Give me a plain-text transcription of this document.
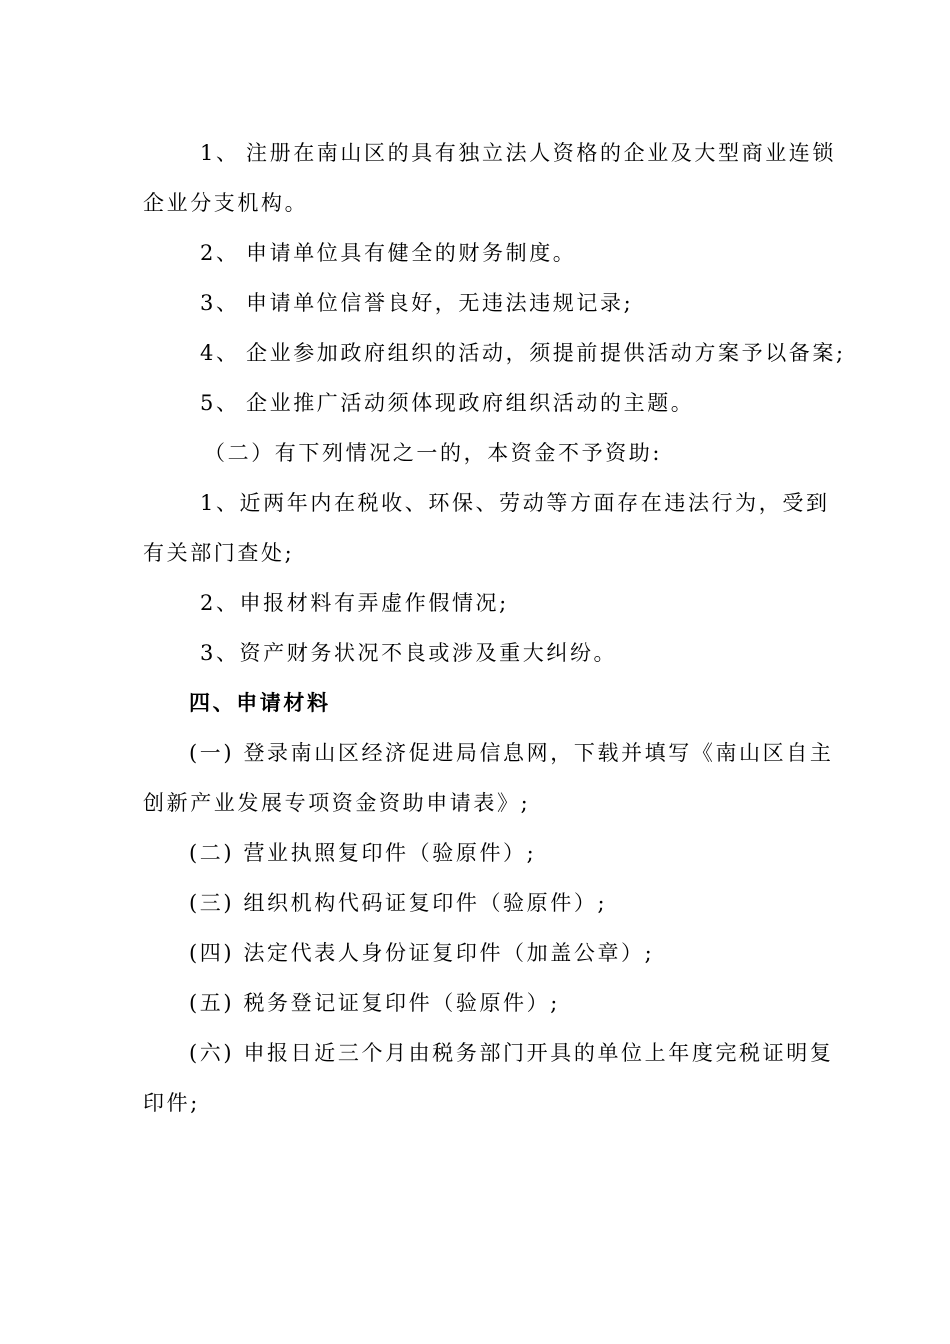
1、 注册在南山区的具有独立法人资格的企业及大型商业连锁
企业分支机构。
2、 申请单位具有健全的财务制度。
3、 申请单位信誉良好，无违法违规记录;
4、 企业参加政府组织的活动，须提前提供活动方案予以备案;
5、 企业推广活动须体现政府组织活动的主题。
（二）有下列情况之一的，本资金不予资助:
1、近两年内在税收、环保、劳动等方面存在违法行为，受到
有关部门查处;
2、申报材料有弄虚作假情况;
3、资产财务状况不良或涉及重大纠纷。
四、申请材料
(一) 登录南山区经济促进局信息网，下载并填写《南山区自主
创新产业发展专项资金资助申请表》;
(二) 营业执照复印件（验原件）;
(三) 组织机构代码证复印件（验原件）;
(四) 法定代表人身份证复印件（加盖公章）;
(五) 税务登记证复印件（验原件）;
(六) 申报日近三个月由税务部门开具的单位上年度完税证明复
印件;
